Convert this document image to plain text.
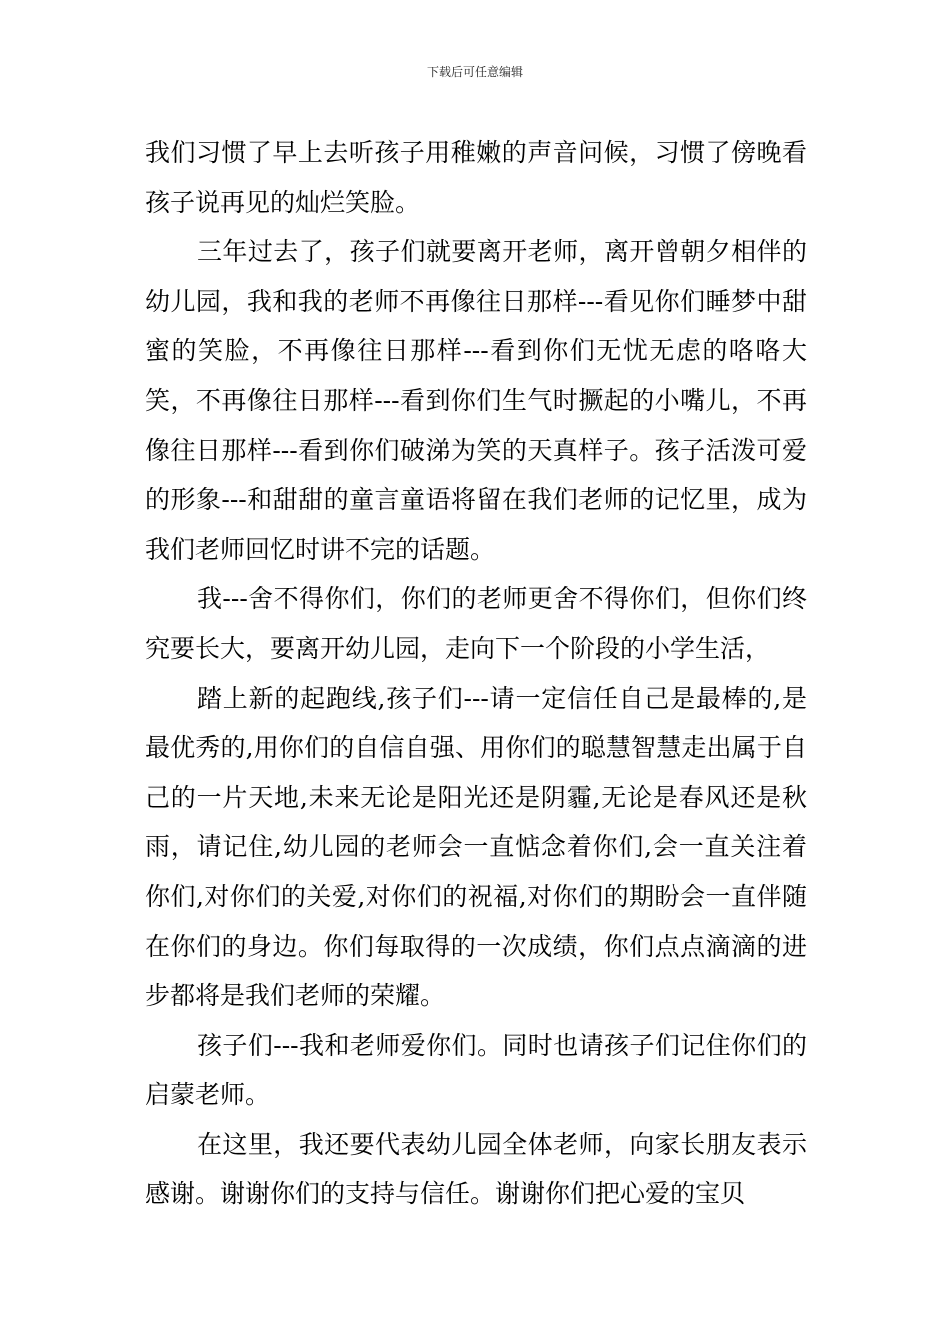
下载后可任意编辑

我们习惯了早上去听孩子用稚嫩的声音问候，习惯了傍晚看孩子说再见的灿烂笑脸。

三年过去了，孩子们就要离开老师，离开曾朝夕相伴的幼儿园，我和我的老师不再像往日那样---看见你们睡梦中甜蜜的笑脸，不再像往日那样---看到你们无忧无虑的咯咯大笑，不再像往日那样---看到你们生气时撅起的小嘴儿，不再像往日那样---看到你们破涕为笑的天真样子。孩子活泼可爱的形象---和甜甜的童言童语将留在我们老师的记忆里，成为我们老师回忆时讲不完的话题。

我---舍不得你们，你们的老师更舍不得你们，但你们终究要长大，要离开幼儿园，走向下一个阶段的小学生活，

踏上新的起跑线,孩子们---请一定信任自己是最棒的,是最优秀的,用你们的自信自强、用你们的聪慧智慧走出属于自己的一片天地,未来无论是阳光还是阴霾,无论是春风还是秋雨，请记住,幼儿园的老师会一直惦念着你们,会一直关注着你们,对你们的关爱,对你们的祝福,对你们的期盼会一直伴随在你们的身边。你们每取得的一次成绩，你们点点滴滴的进步都将是我们老师的荣耀。

孩子们---我和老师爱你们。同时也请孩子们记住你们的启蒙老师。

在这里，我还要代表幼儿园全体老师，向家长朋友表示感谢。谢谢你们的支持与信任。谢谢你们把心爱的宝贝
